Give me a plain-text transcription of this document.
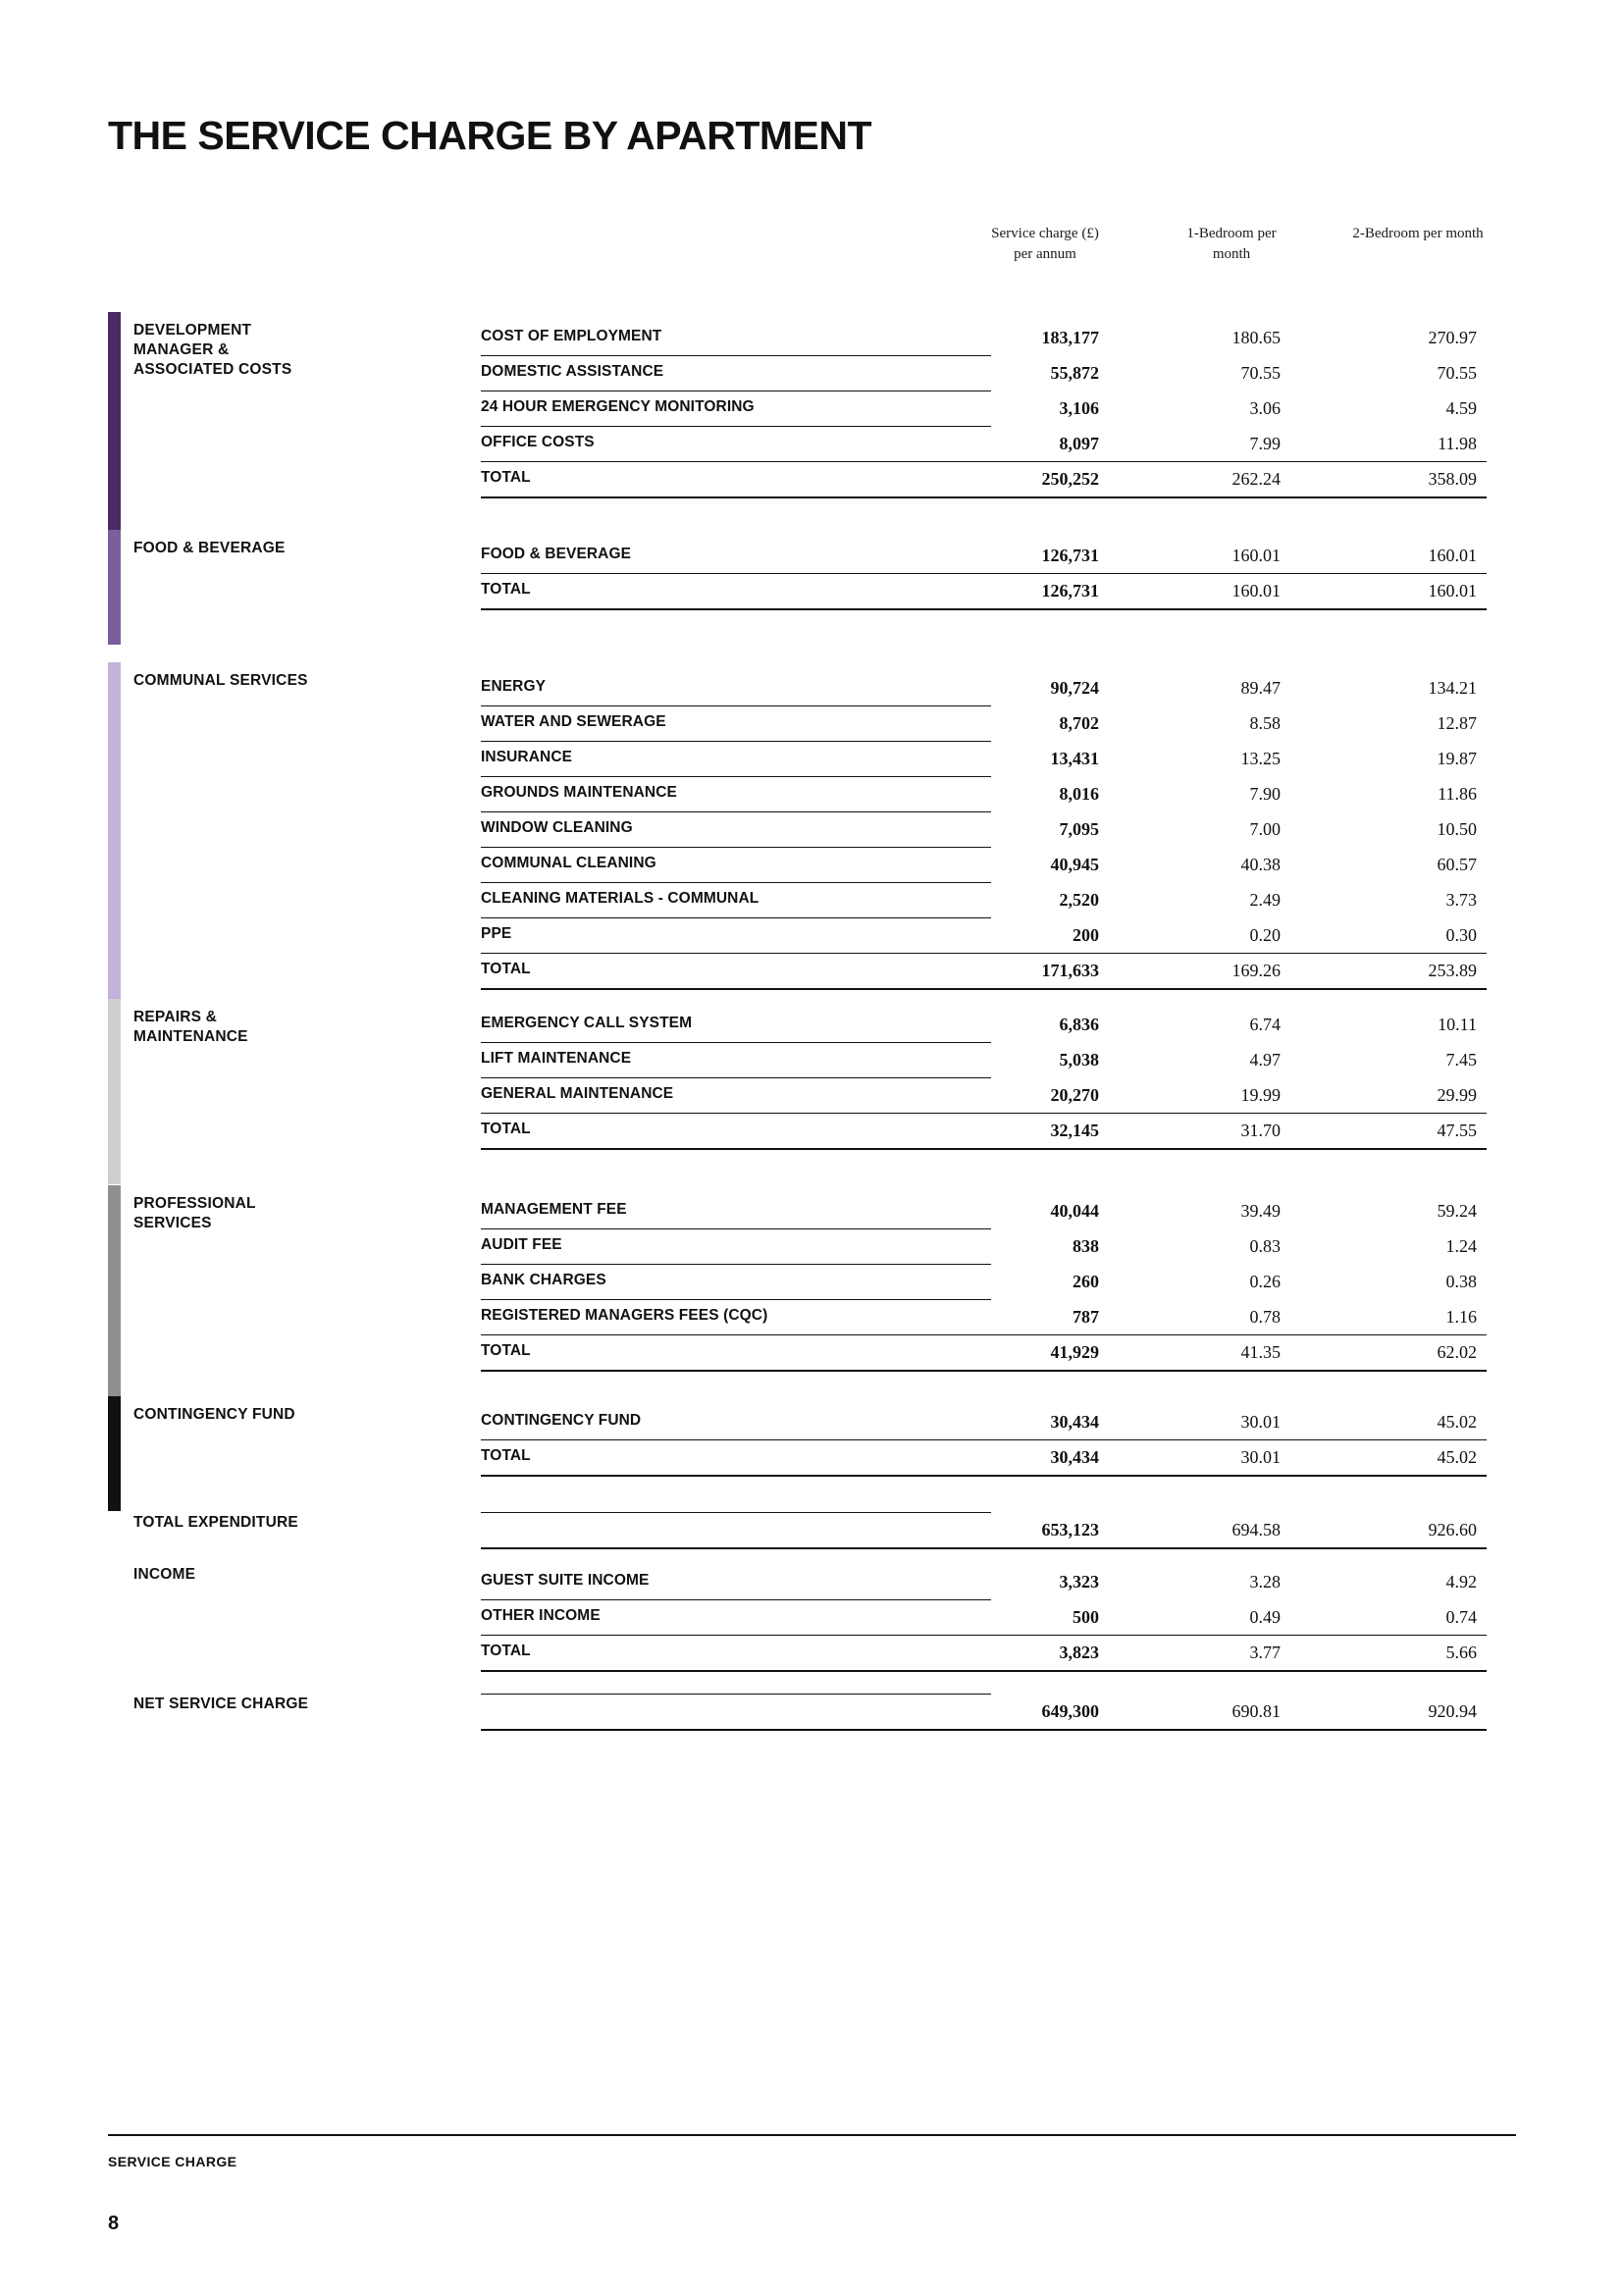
THE SERVICE CHARGE BY APARTMENT
Service charge (£) per annum
1-Bedroom per month
2-Bedroom per month
DEVELOPMENT MANAGER & ASSOCIATED COSTS
COST OF EMPLOYMENT	183,177	180.65	270.97
DOMESTIC ASSISTANCE	55,872	70.55	70.55
24 HOUR EMERGENCY MONITORING	3,106	3.06	4.59
OFFICE COSTS	8,097	7.99	11.98
TOTAL	250,252	262.24	358.09
FOOD & BEVERAGE	FOOD & BEVERAGE	126,731	160.01	160.01
TOTAL	126,731	160.01	160.01
COMMUNAL SERVICES	ENERGY	90,724	89.47	134.21
WATER AND SEWERAGE	8,702	8.58	12.87
INSURANCE	13,431	13.25	19.87
GROUNDS MAINTENANCE	8,016	7.90	11.86
WINDOW CLEANING	7,095	7.00	10.50
COMMUNAL CLEANING	40,945	40.38	60.57
CLEANING MATERIALS - COMMUNAL	2,520	2.49	3.73
PPE	200	0.20	0.30
TOTAL	171,633	169.26	253.89
REPAIRS & MAINTENANCE
EMERGENCY CALL SYSTEM	6,836	6.74	10.11
LIFT MAINTENANCE	5,038	4.97	7.45
GENERAL MAINTENANCE	20,270	19.99	29.99
TOTAL	32,145	31.70	47.55
PROFESSIONAL SERVICES
MANAGEMENT FEE	40,044	39.49	59.24
AUDIT FEE	838	0.83	1.24
BANK CHARGES	260	0.26	0.38
REGISTERED MANAGERS FEES (CQC)	787	0.78	1.16
TOTAL	41,929	41.35	62.02
CONTINGENCY FUND	CONTINGENCY FUND	30,434	30.01	45.02
TOTAL	30,434	30.01	45.02
TOTAL EXPENDITURE	653,123	694.58	926.60
INCOME	GUEST SUITE INCOME	3,323	3.28	4.92
OTHER INCOME	500	0.49	0.74
TOTAL	3,823	3.77	5.66
NET SERVICE CHARGE	649,300	690.81	920.94
SERVICE CHARGE
8
